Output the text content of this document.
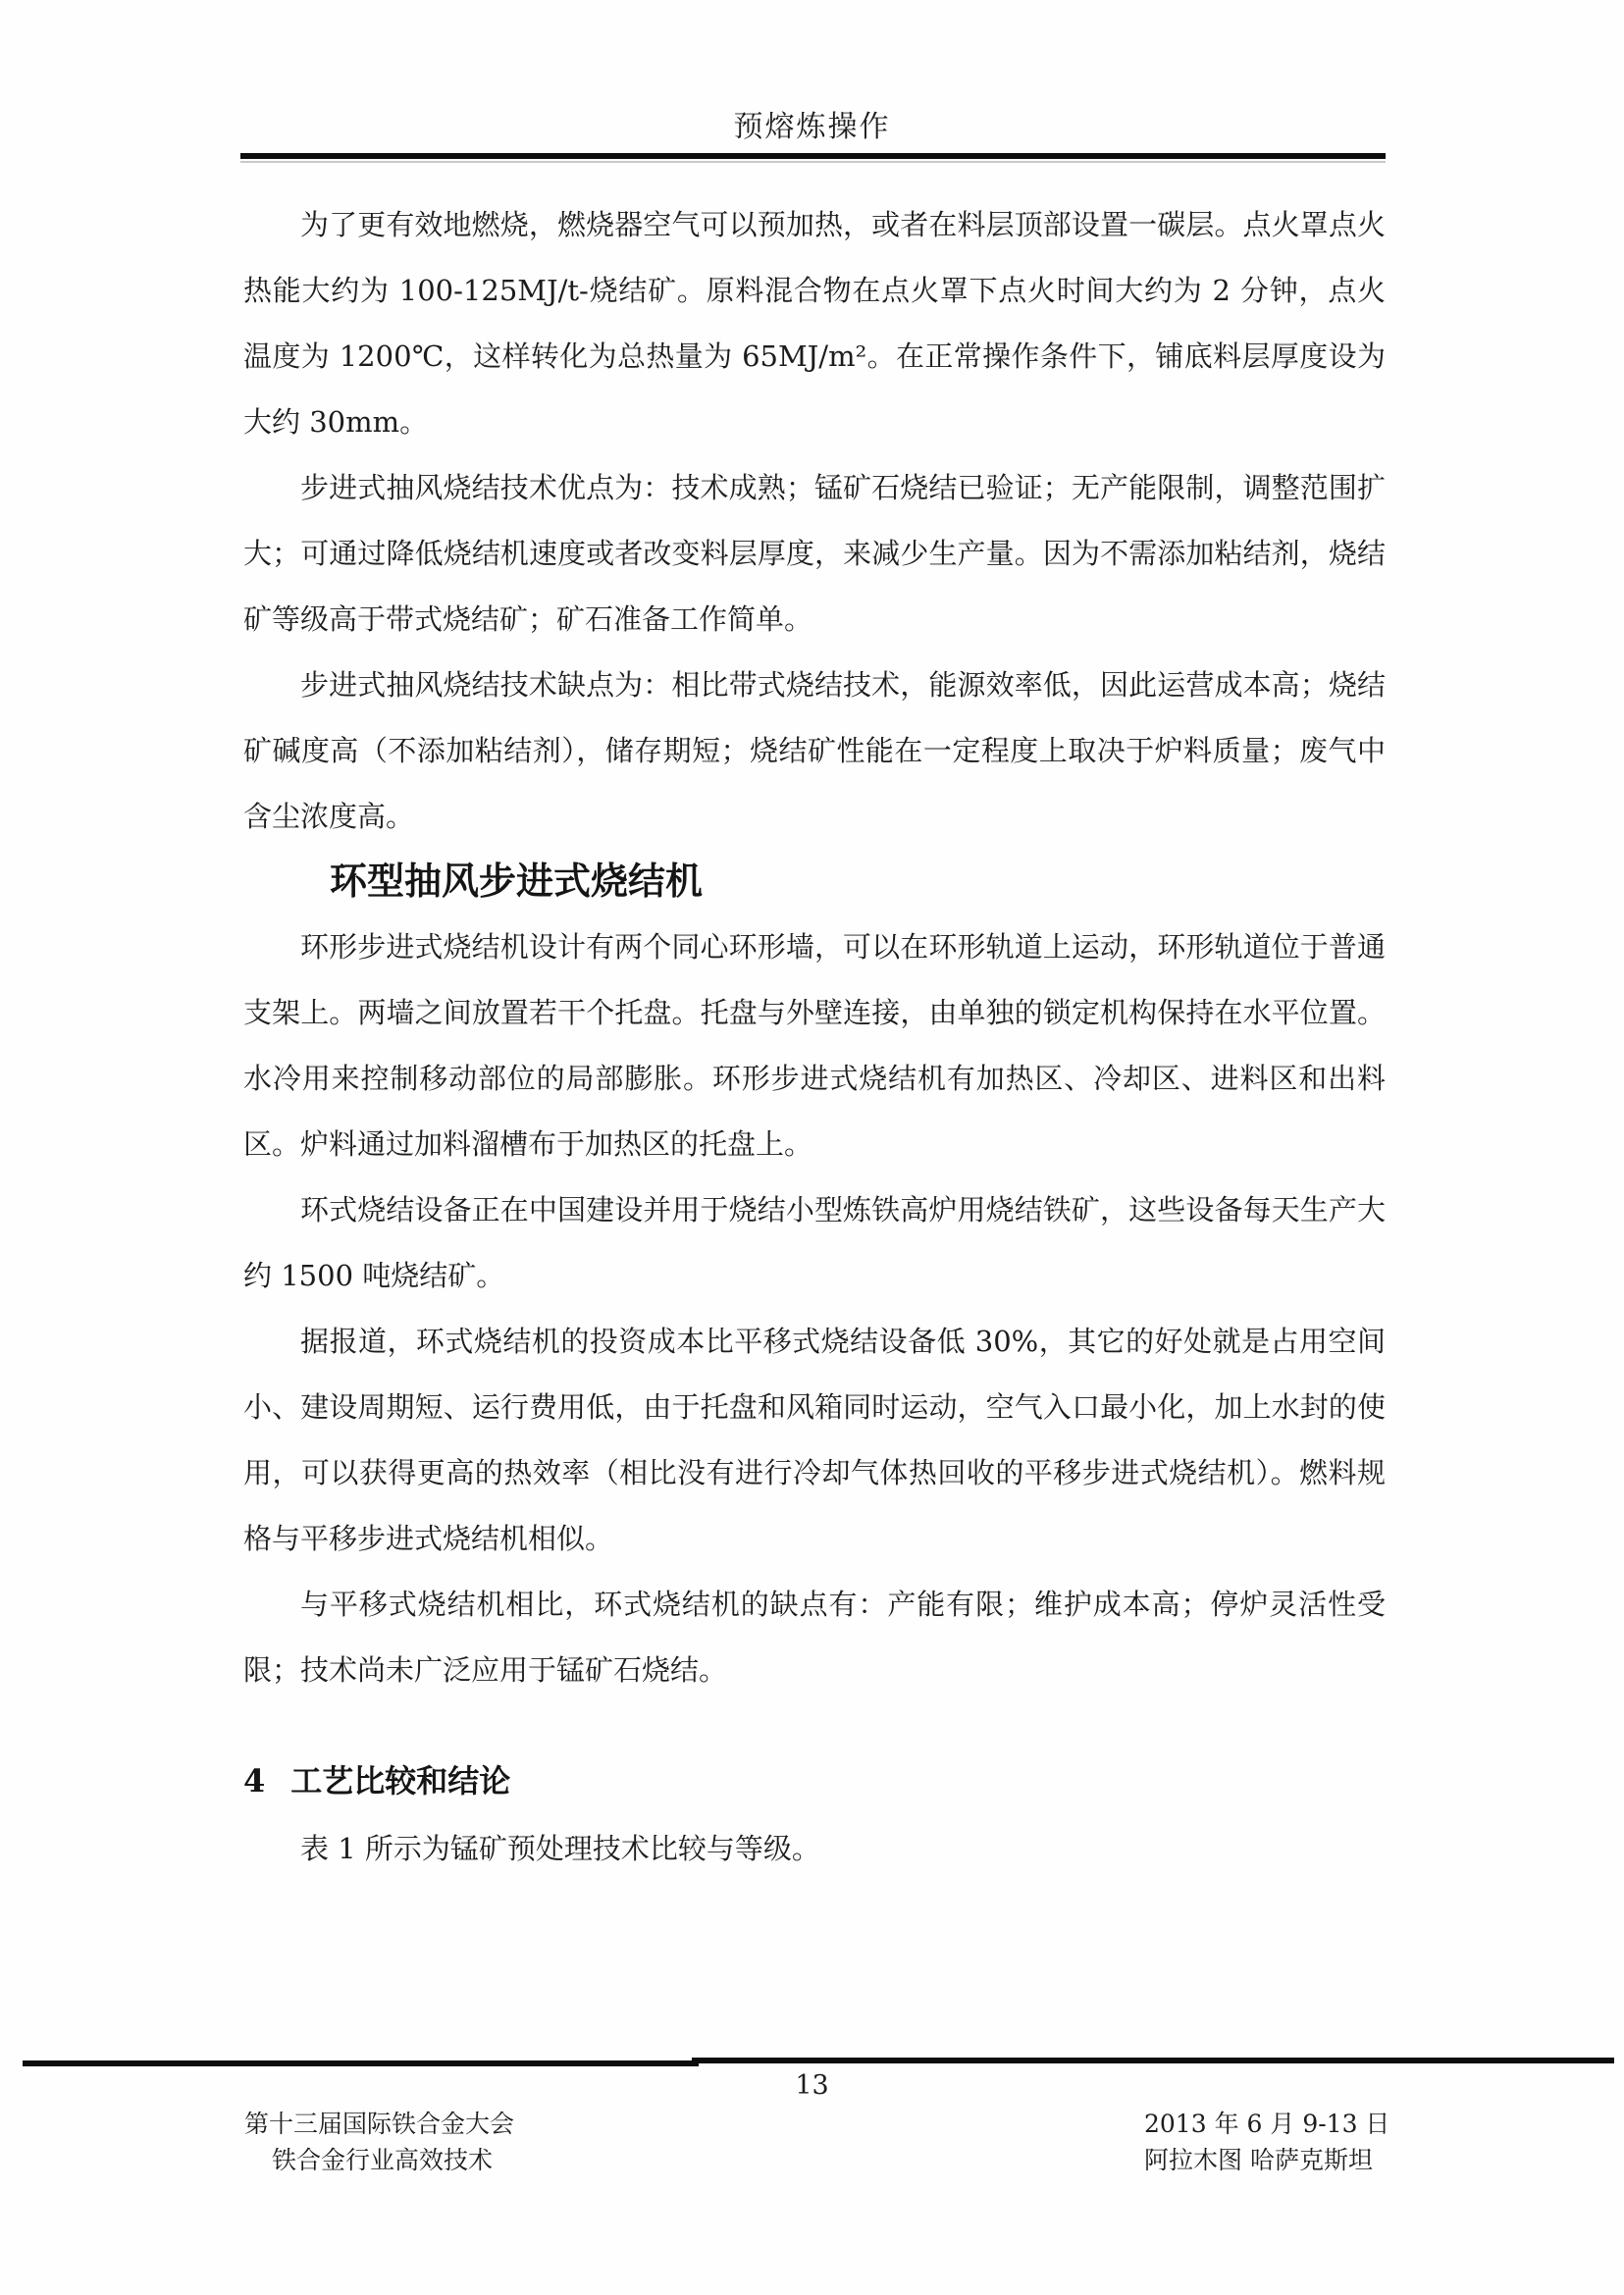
预熔炼操作

为了更有效地燃烧，燃烧器空气可以预加热，或者在料层顶部设置一碳层。点火罩点火热能大约为 100-125MJ/t-烧结矿。原料混合物在点火罩下点火时间大约为 2 分钟，点火温度为 1200℃，这样转化为总热量为 65MJ/m²。在正常操作条件下，铺底料层厚度设为大约 30mm。

步进式抽风烧结技术优点为：技术成熟；锰矿石烧结已验证；无产能限制，调整范围扩大；可通过降低烧结机速度或者改变料层厚度，来减少生产量。因为不需添加粘结剂，烧结矿等级高于带式烧结矿；矿石准备工作简单。

步进式抽风烧结技术缺点为：相比带式烧结技术，能源效率低，因此运营成本高；烧结矿碱度高（不添加粘结剂），储存期短；烧结矿性能在一定程度上取决于炉料质量；废气中含尘浓度高。

环型抽风步进式烧结机

环形步进式烧结机设计有两个同心环形墙，可以在环形轨道上运动，环形轨道位于普通支架上。两墙之间放置若干个托盘。托盘与外壁连接，由单独的锁定机构保持在水平位置。水冷用来控制移动部位的局部膨胀。环形步进式烧结机有加热区、冷却区、进料区和出料区。炉料通过加料溜槽布于加热区的托盘上。

环式烧结设备正在中国建设并用于烧结小型炼铁高炉用烧结铁矿，这些设备每天生产大约 1500 吨烧结矿。

据报道，环式烧结机的投资成本比平移式烧结设备低 30%，其它的好处就是占用空间小、建设周期短、运行费用低，由于托盘和风箱同时运动，空气入口最小化，加上水封的使用，可以获得更高的热效率（相比没有进行冷却气体热回收的平移步进式烧结机）。燃料规格与平移步进式烧结机相似。

与平移式烧结机相比，环式烧结机的缺点有：产能有限；维护成本高；停炉灵活性受限；技术尚未广泛应用于锰矿石烧结。

4 工艺比较和结论

表 1 所示为锰矿预处理技术比较与等级。

13
第十三届国际铁合金大会
铁合金行业高效技术
2013 年 6 月 9-13 日
阿拉木图 哈萨克斯坦
